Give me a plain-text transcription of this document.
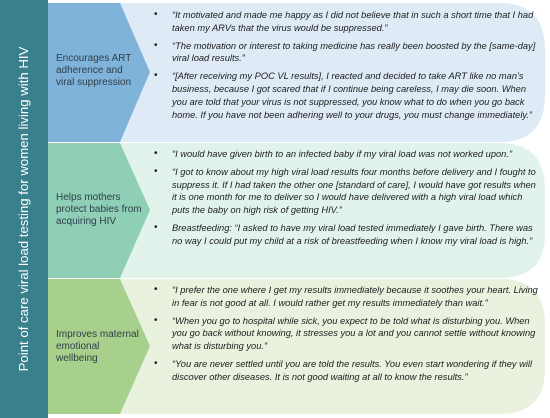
Point of care viral load testing for women living with HIV	Encourages ART adherence and viral suppression
Helps mothers protect babies from acquiring HIV
Improves maternal emotional wellbeing
• “It motivated and made me happy as I did not believe that in such a short time that I had taken my ARVs that the virus would be suppressed.”
• “The motivation or interest to taking medicine has really been boosted by the [same-day] viral load results.”
• “[After receiving my POC VL results], I reacted and decided to take ART like no man’s business, because I got scared that if I continue being careless, I may die soon. When you are told that your virus is not suppressed, you know what to do when you go back home. If you have not been adhering well to your drugs, you must change immediately.”
• “I would have given birth to an infected baby if my viral load was not worked upon.”
• “I got to know about my high viral load results four months before delivery and I fought to suppress it. If I had taken the other one [standard of care], I would have got results when it is one month for me to deliver so I would have delivered with a high viral load which puts the baby on high risk of getting HIV.”
• Breastfeeding: “I asked to have my viral load tested immediately I gave birth. There was no way I could put my child at a risk of breastfeeding when I know my viral load is high.”
• “I prefer the one where I get my results immediately because it soothes your heart. Living in fear is not good at all. I would rather get my results immediately than wait.”
• “When you go to hospital while sick, you expect to be told what is disturbing you. When you go back without knowing, it stresses you a lot and you cannot settle without knowing what is disturbing you.”
• “You are never settled until you are told the results. You even start wondering if they will discover other diseases. It is not good waiting at all to know the results.”
